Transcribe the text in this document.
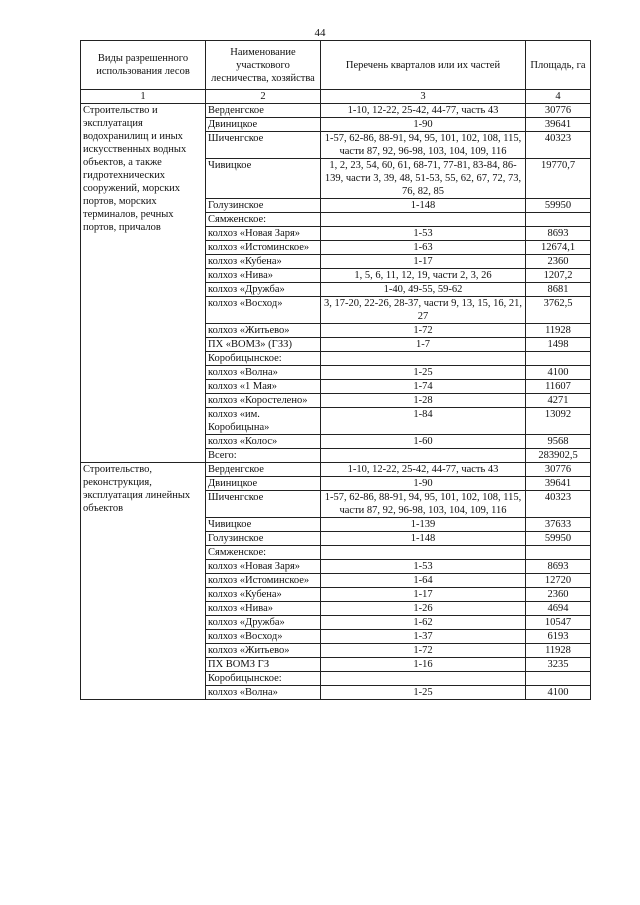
44
Виды разрешенного использования лесов	Наименование участкового лесничества, хозяйства	Перечень кварталов или их частей	Площадь, га
1	2	3	4
Строительство и эксплуатация водохранилищ и иных искусственных водных объектов, а также гидротехнических сооружений, морских портов, морских терминалов, речных портов, причалов	Верденгское	1-10, 12-22, 25-42, 44-77, часть 43	30776
	Двиницкое	1-90	39641
	Шиченгское	1-57, 62-86, 88-91, 94, 95, 101, 102, 108, 115, части 87, 92, 96-98, 103, 104, 109, 116	40323
	Чивицкое	1, 2, 23, 54, 60, 61, 68-71, 77-81, 83-84, 86-139, части 3, 39, 48, 51-53, 55, 62, 67, 72, 73, 76, 82, 85	19770,7
	Голузинское	1-148	59950
	Сямженское:		
	колхоз «Новая Заря»	1-53	8693
	колхоз «Истоминское»	1-63	12674,1
	колхоз «Кубена»	1-17	2360
	колхоз «Нива»	1, 5, 6, 11, 12, 19, части 2, 3, 26	1207,2
	колхоз «Дружба»	1-40, 49-55, 59-62	8681
	колхоз «Восход»	3, 17-20, 22-26, 28-37, части 9, 13, 15, 16, 21, 27	3762,5
	колхоз «Житьево»	1-72	11928
	ПХ «ВОМЗ» (ГЗЗ)	1-7	1498
	Коробицынское:		
	колхоз «Волна»	1-25	4100
	колхоз «1 Мая»	1-74	11607
	колхоз «Коростелено»	1-28	4271
	колхоз «им. Коробицына»	1-84	13092
	колхоз «Колос»	1-60	9568
	Всего:		283902,5
Строительство, реконструкция, эксплуатация линейных объектов	Верденгское	1-10, 12-22, 25-42, 44-77, часть 43	30776
	Двиницкое	1-90	39641
	Шиченгское	1-57, 62-86, 88-91, 94, 95, 101, 102, 108, 115, части 87, 92, 96-98, 103, 104, 109, 116	40323
	Чивицкое	1-139	37633
	Голузинское	1-148	59950
	Сямженское:		
	колхоз «Новая Заря»	1-53	8693
	колхоз «Истоминское»	1-64	12720
	колхоз «Кубена»	1-17	2360
	колхоз «Нива»	1-26	4694
	колхоз «Дружба»	1-62	10547
	колхоз «Восход»	1-37	6193
	колхоз «Житьево»	1-72	11928
	ПХ ВОМЗ ГЗ	1-16	3235
	Коробицынское:		
	колхоз «Волна»	1-25	4100
